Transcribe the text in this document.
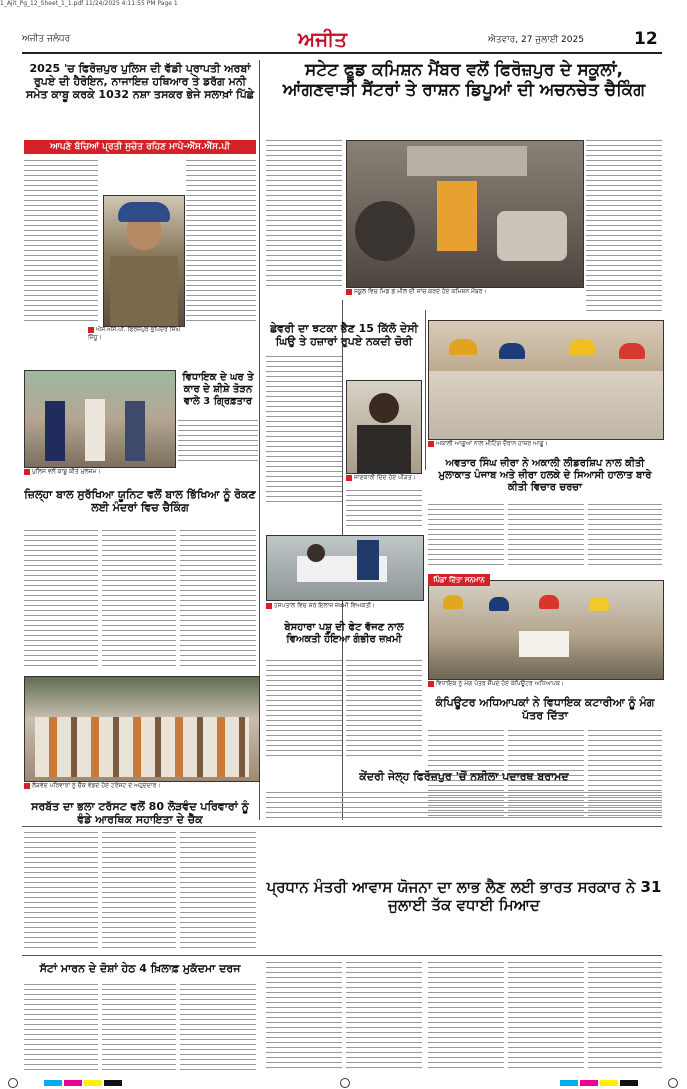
1_Ajit_Pg_12_Sheet_1_1.pdf 11/24/2025 4:11:55 PM Page 1
ਅਜੀਤ ਜਲੰਧਰ	ਅਜੀਤ	ਐਤਵਾਰ, 27 ਜੁਲਾਈ 2025	12
2025 'ਚ ਫਿਰੋਜ਼ਪੁਰ ਪੁਲਿਸ ਦੀ ਵੱਡੀ ਪ੍ਰਾਪਤੀ ਅਰਬਾਂ ਰੁਪਏ ਦੀ ਹੈਰੋਇਨ, ਨਾਜਾਇਜ਼ ਹਥਿਆਰ ਤੇ ਡਰੱਗ ਮਨੀ ਸਮੇਤ ਕਾਬੂ ਕਰਕੇ 1032 ਨਸ਼ਾ ਤਸਕਰ ਭੇਜੇ ਸਲਾਖ਼ਾਂ ਪਿੱਛੇ
ਆਪਣੇ ਬੱਚਿਆਂ ਪ੍ਰਤੀ ਸੁਚੇਤ ਰਹਿਣ ਮਾਪੇ-ਐੱਸ.ਐੱਸ.ਪੀ
ਐਸ.ਐਸ.ਪੀ. ਫਿਰੋਜ਼ਪੁਰ ਭੁਪਿੰਦਰ ਸਿੰਘ ਸਿੱਧੂ।
ਸਟੇਟ ਫੂਡ ਕਮਿਸ਼ਨ ਮੈਂਬਰ ਵਲੋਂ ਫਿਰੋਜ਼ਪੁਰ ਦੇ ਸਕੂਲਾਂ, ਆਂਗਣਵਾੜੀ ਸੈਂਟਰਾਂ ਤੇ ਰਾਸ਼ਨ ਡਿਪੂਆਂ ਦੀ ਅਚਨਚੇਤ ਚੈਕਿੰਗ
ਸਕੂਲ ਵਿਚ ਮਿਡ ਡੇ ਮੀਲ ਦੀ ਜਾਂਚ ਕਰਦੇ ਹੋਏ ਕਮਿਸ਼ਨ ਮੈਂਬਰ।
ਛੇਵਰੀ ਦਾ ਝਟਕਾ ਭੈਣ 15 ਕਿੱਲੋ ਦੇਸੀ ਘਿਉ ਤੇ ਹਜ਼ਾਰਾਂ ਰੁਪਏ ਨਕਦੀ ਚੋਰੀ
ਜਾਣਕਾਰੀ ਦਿੰਦੇ ਹੋਏ ਪੀੜਤ।
ਅਕਾਲੀ ਆਗੂਆਂ ਨਾਲ ਮੀਟਿੰਗ ਦੌਰਾਨ ਹਾਜ਼ਰ ਆਗੂ।
ਅਵਤਾਰ ਸਿੰਘ ਜ਼ੀਰਾ ਨੇ ਅਕਾਲੀ ਲੀਡਰਸ਼ਿਪ ਨਾਲ ਕੀਤੀ ਮੁਲਾਕਾਤ ਪੰਜਾਬ ਅਤੇ ਜ਼ੀਰਾ ਹਲਕੇ ਦੇ ਸਿਆਸੀ ਹਾਲਾਤ ਬਾਰੇ ਕੀਤੀ ਵਿਚਾਰ ਚਰਚਾ
ਵਿਧਾਇਕ ਦੇ ਘਰ ਤੇ ਕਾਰ ਦੇ ਸ਼ੀਸ਼ੇ ਤੋੜਨ ਵਾਲੇ 3 ਗ੍ਰਿਫ਼ਤਾਰ
ਪੁਲਿਸ ਵਲੋਂ ਕਾਬੂ ਕੀਤੇ ਮੁਲਜ਼ਮ।
ਜ਼ਿਲ੍ਹਾ ਬਾਲ ਸੁਰੱਖਿਆ ਯੂਨਿਟ ਵਲੋਂ ਬਾਲ ਭਿੱਖਿਆ ਨੂੰ ਰੋਕਣ ਲਈ ਮੰਦਰਾਂ ਵਿਚ ਚੈਕਿੰਗ
ਹਸਪਤਾਲ ਵਿਚ ਜ਼ੇਰੇ ਇਲਾਜ ਜ਼ਖ਼ਮੀ ਵਿਅਕਤੀ।
ਬੇਸਹਾਰਾ ਪਸ਼ੂ ਦੀ ਫੇਟ ਵੱਜਣ ਨਾਲ ਵਿਅਕਤੀ ਹੋਇਆ ਗੰਭੀਰ ਜ਼ਖ਼ਮੀ
ਪਿੰਡਾਂ ਦਿੱਤਾ ਸਨਮਾਨ
ਵਿਧਾਇਕ ਨੂੰ ਮੰਗ ਪੱਤਰ ਸੌਂਪਦੇ ਹੋਏ ਕੰਪਿਊਟਰ ਅਧਿਆਪਕ।
ਕੰਪਿਊਟਰ ਅਧਿਆਪਕਾਂ ਨੇ ਵਿਧਾਇਕ ਕਟਾਰੀਆ ਨੂੰ ਮੰਗ ਪੱਤਰ ਦਿੱਤਾ
ਲੋੜਵੰਦ ਪਰਿਵਾਰਾਂ ਨੂੰ ਚੈੱਕ ਵੰਡਦੇ ਹੋਏ ਟਰੱਸਟ ਦੇ ਅਹੁਦੇਦਾਰ।
ਸਰਬੱਤ ਦਾ ਭਲਾ ਟਰੱਸਟ ਵਲੋਂ 80 ਲੋੜਵੰਦ ਪਰਿਵਾਰਾਂ ਨੂੰ ਵੰਡੇ ਆਰਥਿਕ ਸਹਾਇਤਾ ਦੇ ਚੈੱਕ
ਕੇਂਦਰੀ ਜੇਲ੍ਹ ਫਿਰੋਜ਼ਪੁਰ 'ਚੋਂ ਨਸ਼ੀਲਾ ਪਦਾਰਥ ਬਰਾਮਦ
ਪ੍ਰਧਾਨ ਮੰਤਰੀ ਆਵਾਸ ਯੋਜਨਾ ਦਾ ਲਾਭ ਲੈਣ ਲਈ ਭਾਰਤ ਸਰਕਾਰ ਨੇ 31 ਜੁਲਾਈ ਤੱਕ ਵਧਾਈ ਮਿਆਦ
ਸੱਟਾਂ ਮਾਰਨ ਦੇ ਦੋਸ਼ਾਂ ਹੇਠ 4 ਖ਼ਿਲਾਫ਼ ਮੁਕੱਦਮਾ ਦਰਜ
